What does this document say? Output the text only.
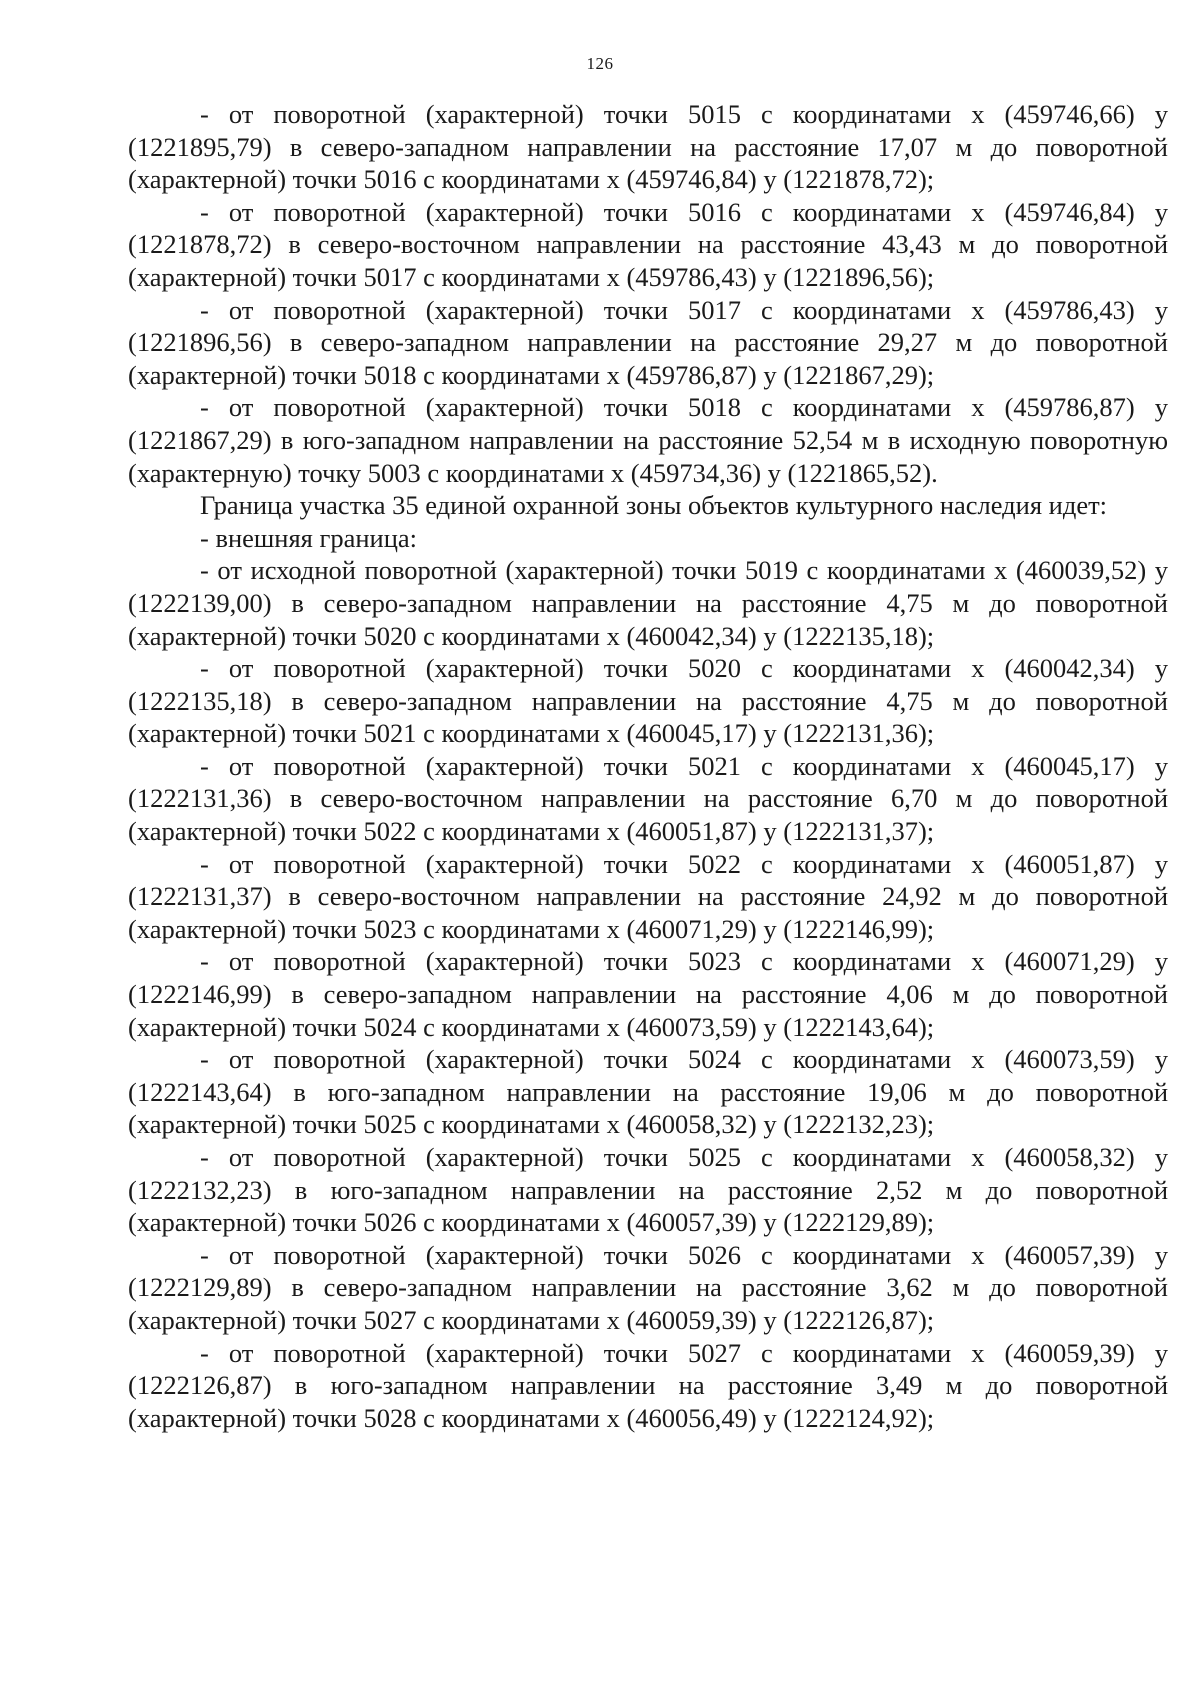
126

- от поворотной (характерной) точки 5015 с координатами x (459746,66) y (1221895,79) в северо-западном направлении на расстояние 17,07 м до поворотной (характерной) точки 5016 с координатами x (459746,84) y (1221878,72);

- от поворотной (характерной) точки 5016 с координатами x (459746,84) y (1221878,72) в северо-восточном направлении на расстояние 43,43 м до поворотной (характерной) точки 5017 с координатами x (459786,43) y (1221896,56);

- от поворотной (характерной) точки 5017 с координатами x (459786,43) y (1221896,56) в северо-западном направлении на расстояние 29,27 м до поворотной (характерной) точки 5018 с координатами x (459786,87) y (1221867,29);

- от поворотной (характерной) точки 5018 с координатами x (459786,87) y (1221867,29) в юго-западном направлении на расстояние 52,54 м в исходную поворотную (характерную) точку 5003 с координатами x (459734,36) y (1221865,52).

Граница участка 35 единой охранной зоны объектов культурного наследия идет:

- внешняя граница:

- от исходной поворотной (характерной) точки 5019 с координатами x (460039,52) y (1222139,00) в северо-западном направлении на расстояние 4,75 м до поворотной (характерной) точки 5020 с координатами x (460042,34) y (1222135,18);

- от поворотной (характерной) точки 5020 с координатами x (460042,34) y (1222135,18) в северо-западном направлении на расстояние 4,75 м до поворотной (характерной) точки 5021 с координатами x (460045,17) y (1222131,36);

- от поворотной (характерной) точки 5021 с координатами x (460045,17) y (1222131,36) в северо-восточном направлении на расстояние 6,70 м до поворотной (характерной) точки 5022 с координатами x (460051,87) y (1222131,37);

- от поворотной (характерной) точки 5022 с координатами x (460051,87) y (1222131,37) в северо-восточном направлении на расстояние 24,92 м до поворотной (характерной) точки 5023 с координатами x (460071,29) y (1222146,99);

- от поворотной (характерной) точки 5023 с координатами x (460071,29) y (1222146,99) в северо-западном направлении на расстояние 4,06 м до поворотной (характерной) точки 5024 с координатами x (460073,59) y (1222143,64);

- от поворотной (характерной) точки 5024 с координатами x (460073,59) y (1222143,64) в юго-западном направлении на расстояние 19,06 м до поворотной (характерной) точки 5025 с координатами x (460058,32) y (1222132,23);

- от поворотной (характерной) точки 5025 с координатами x (460058,32) y (1222132,23) в юго-западном направлении на расстояние 2,52 м до поворотной (характерной) точки 5026 с координатами x (460057,39) y (1222129,89);

- от поворотной (характерной) точки 5026 с координатами x (460057,39) y (1222129,89) в северо-западном направлении на расстояние 3,62 м до поворотной (характерной) точки 5027 с координатами x (460059,39) y (1222126,87);

- от поворотной (характерной) точки 5027 с координатами x (460059,39) y (1222126,87) в юго-западном направлении на расстояние 3,49 м до поворотной (характерной) точки 5028 с координатами x (460056,49) y (1222124,92);
